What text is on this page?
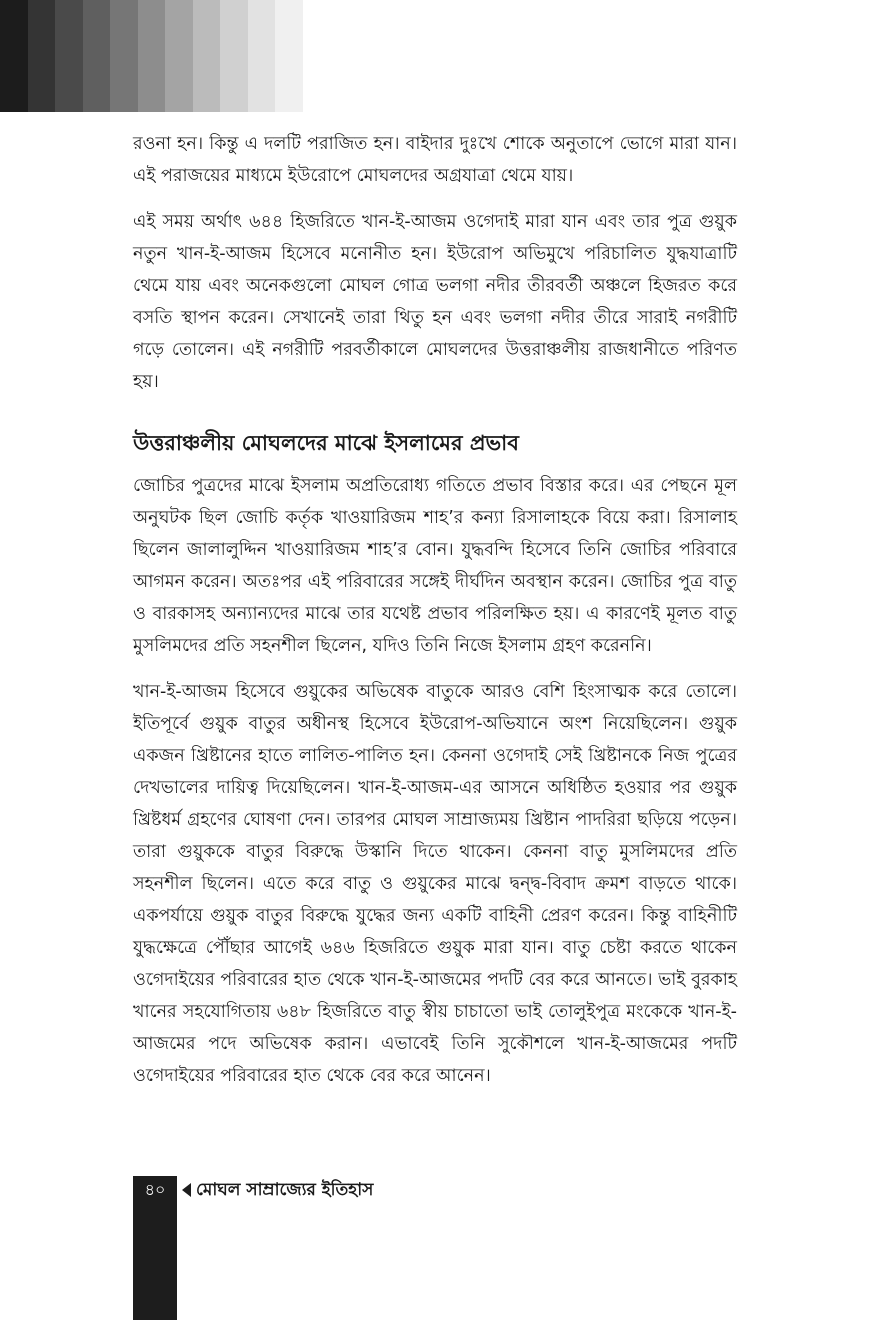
রওনা হন। কিন্তু এ দলটি পরাজিত হন। বাইদার দুঃখে শোকে অনুতাপে ভোগে মারা যান। এই পরাজয়ের মাধ্যমে ইউরোপে মোঘলদের অগ্রযাত্রা থেমে যায়।

এই সময় অর্থাৎ ৬৪৪ হিজরিতে খান-ই-আজম ওগেদাই মারা যান এবং তার পুত্র গুয়ুক নতুন খান-ই-আজম হিসেবে মনোনীত হন। ইউরোপ অভিমুখে পরিচালিত যুদ্ধযাত্রাটি থেমে যায় এবং অনেকগুলো মোঘল গোত্র ভলগা নদীর তীরবর্তী অঞ্চলে হিজরত করে বসতি স্থাপন করেন। সেখানেই তারা থিতু হন এবং ভলগা নদীর তীরে সারাই নগরীটি গড়ে তোলেন। এই নগরীটি পরবর্তীকালে মোঘলদের উত্তরাঞ্চলীয় রাজধানীতে পরিণত হয়।

উত্তরাঞ্চলীয় মোঘলদের মাঝে ইসলামের প্রভাব

জোচির পুত্রদের মাঝে ইসলাম অপ্রতিরোধ্য গতিতে প্রভাব বিস্তার করে। এর পেছনে মূল অনুঘটক ছিল জোচি কর্তৃক খাওয়ারিজম শাহ’র কন্যা রিসালাহকে বিয়ে করা। রিসালাহ ছিলেন জালালুদ্দিন খাওয়ারিজম শাহ’র বোন। যুদ্ধবন্দি হিসেবে তিনি জোচির পরিবারে আগমন করেন। অতঃপর এই পরিবারের সঙ্গেই দীর্ঘদিন অবস্থান করেন। জোচির পুত্র বাতু ও বারকাসহ অন্যান্যদের মাঝে তার যথেষ্ট প্রভাব পরিলক্ষিত হয়। এ কারণেই মূলত বাতু মুসলিমদের প্রতি সহনশীল ছিলেন, যদিও তিনি নিজে ইসলাম গ্রহণ করেননি।

খান-ই-আজম হিসেবে গুয়ুকের অভিষেক বাতুকে আরও বেশি হিংসাত্মক করে তোলে। ইতিপূর্বে গুয়ুক বাতুর অধীনস্থ হিসেবে ইউরোপ-অভিযানে অংশ নিয়েছিলেন। গুয়ুক একজন খ্রিষ্টানের হাতে লালিত-পালিত হন। কেননা ওগেদাই সেই খ্রিষ্টানকে নিজ পুত্রের দেখভালের দায়িত্ব দিয়েছিলেন। খান-ই-আজম-এর আসনে অধিষ্ঠিত হওয়ার পর গুয়ুক খ্রিষ্টধর্ম গ্রহণের ঘোষণা দেন। তারপর মোঘল সাম্রাজ্যময় খ্রিষ্টান পাদরিরা ছড়িয়ে পড়েন। তারা গুয়ুককে বাতুর বিরুদ্ধে উস্কানি দিতে থাকেন। কেননা বাতু মুসলিমদের প্রতি সহনশীল ছিলেন। এতে করে বাতু ও গুয়ুকের মাঝে দ্বন্দ্ব-বিবাদ ক্রমশ বাড়তে থাকে। একপর্যায়ে গুয়ুক বাতুর বিরুদ্ধে যুদ্ধের জন্য একটি বাহিনী প্রেরণ করেন। কিন্তু বাহিনীটি যুদ্ধক্ষেত্রে পৌঁছার আগেই ৬৪৬ হিজরিতে গুয়ুক মারা যান। বাতু চেষ্টা করতে থাকেন ওগেদাইয়ের পরিবারের হাত থেকে খান-ই-আজমের পদটি বের করে আনতে। ভাই বুরকাহ খানের সহযোগিতায় ৬৪৮ হিজরিতে বাতু স্বীয় চাচাতো ভাই তোলুইপুত্র মংকেকে খান-ই-আজমের পদে অভিষেক করান। এভাবেই তিনি সুকৌশলে খান-ই-আজমের পদটি ওগেদাইয়ের পরিবারের হাত থেকে বের করে আনেন।

৪০	মোঘল সাম্রাজ্যের ইতিহাস
